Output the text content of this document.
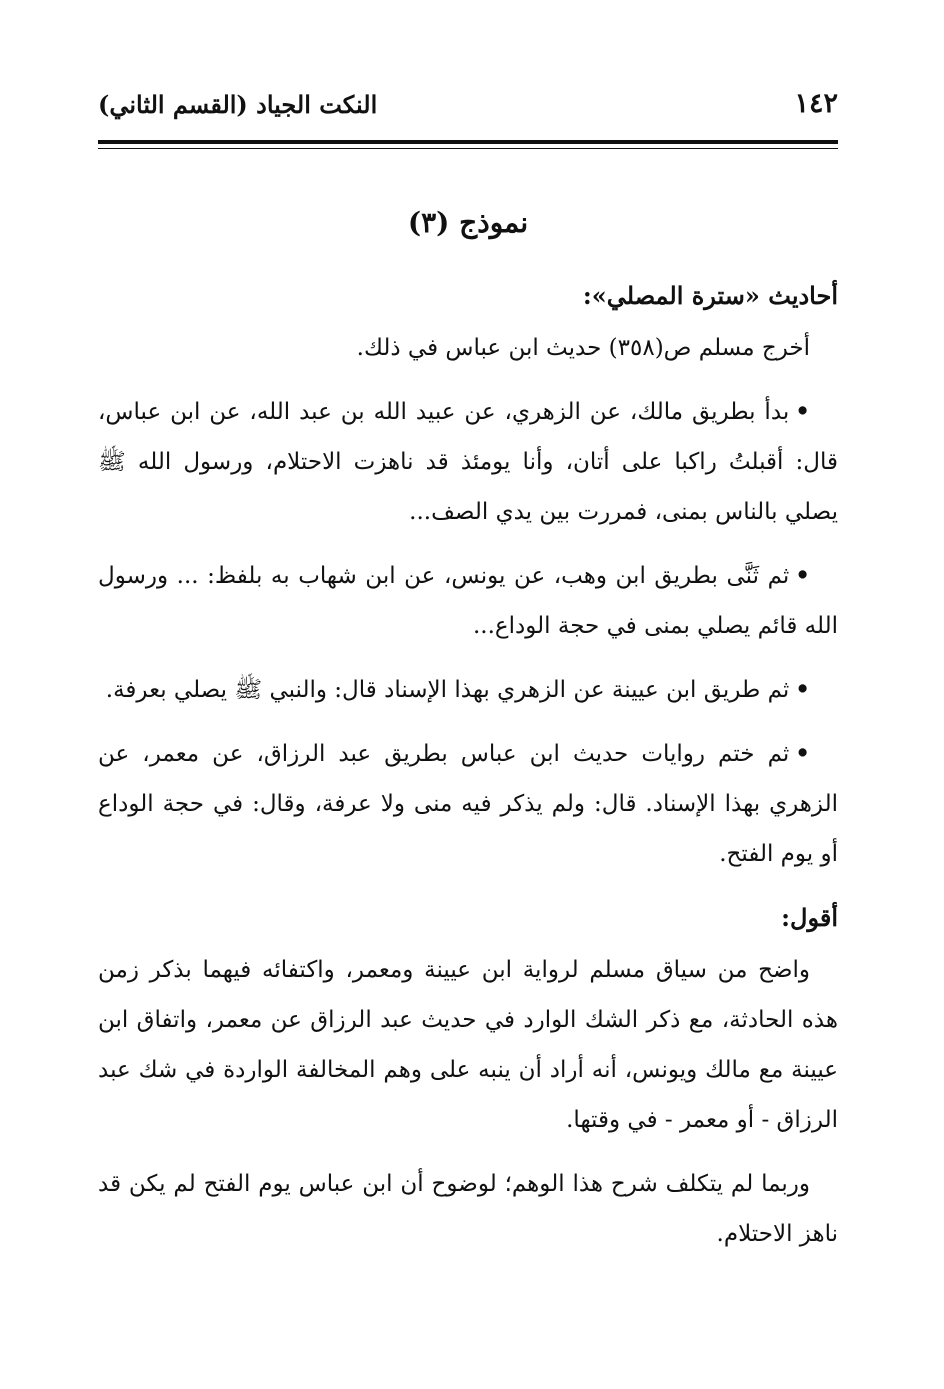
١٤٢
النكت الجياد (القسم الثاني)
نموذج (٣)
أحاديث «سترة المصلي»:

أخرج مسلم ص(٣٥٨) حديث ابن عباس في ذلك.

•بدأ بطريق مالك، عن الزهري، عن عبيد الله بن عبد الله، عن ابن عباس، قال: أقبلتُ راكبا على أتان، وأنا يومئذ قد ناهزت الاحتلام، ورسول الله ﷺ يصلي بالناس بمنى، فمررت بين يدي الصف...

•ثم ثَنَّى بطريق ابن وهب، عن يونس، عن ابن شهاب به بلفظ: ... ورسول الله قائم يصلي بمنى في حجة الوداع...

•ثم طريق ابن عيينة عن الزهري بهذا الإسناد قال: والنبي ﷺ يصلي بعرفة.

•ثم ختم روايات حديث ابن عباس بطريق عبد الرزاق، عن معمر، عن الزهري بهذا الإسناد. قال: ولم يذكر فيه منى ولا عرفة، وقال: في حجة الوداع أو يوم الفتح.

أقول:

واضح من سياق مسلم لرواية ابن عيينة ومعمر، واكتفائه فيهما بذكر زمن هذه الحادثة، مع ذكر الشك الوارد في حديث عبد الرزاق عن معمر، واتفاق ابن عيينة مع مالك ويونس، أنه أراد أن ينبه على وهم المخالفة الواردة في شك عبد الرزاق - أو معمر - في وقتها.

وربما لم يتكلف شرح هذا الوهم؛ لوضوح أن ابن عباس يوم الفتح لم يكن قد ناهز الاحتلام.
